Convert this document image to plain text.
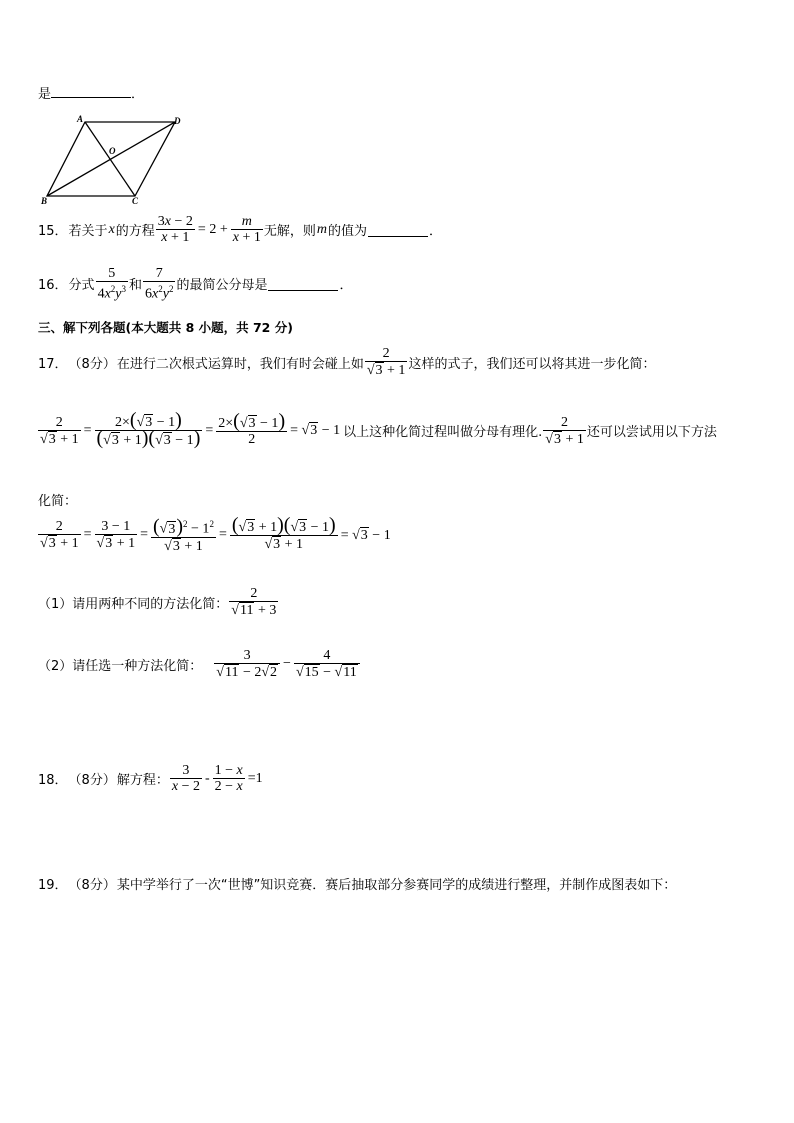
是	．
A	D
O
B	C
15． 若关于 x 的方程 $\frac{3x - 2}{x + 1} = 2 + \frac{m}{x + 1}$ 无解，则 m 的值为	．
16． 分式 $\frac{5}{4x^2y^3}$ 和 $\frac{7}{6x^2y^2}$ 的最简公分母是	．
三、解下列各题(本大题共 8 小题，共 72 分)
17． （8分） 在进行二次根式运算时，我们有时会碰上如 $\frac{2}{√3 + 1}$ 这样的式子，我们还可以将其进一步化简：
$\frac{2}{√3 + 1} = \frac{2\times(√3 - 1)}{(√3 + 1)(√3 - 1)} = \frac{2\times(√3 - 1)}{2} = √3 - 1$ 以上这种化简过程叫做分母有理化. $\frac{2}{√3 + 1}$ 还可以尝试用以下方法
化简：
$\frac{2}{√3 + 1} = \frac{3 - 1}{√3 + 1} = \frac{(√3)^2 - 1^2}{√3 + 1} = \frac{(√3 + 1)(√3 - 1)}{√3 + 1} = √3 - 1$
（1）请用两种不同的方法化简： $\frac{2}{√11 + 3}$
（2）请任选一种方法化简： $\frac{3}{√11 - 2√2} - \frac{4}{√15 - √11}$
18． （8分） 解方程： $\frac{3}{x - 2} - \frac{1 - x}{2 - x} =1$
19． （8分） 某中学举行了一次“世博”知识竞赛．赛后抽取部分参赛同学的成绩进行整理，并制作成图表如下：
